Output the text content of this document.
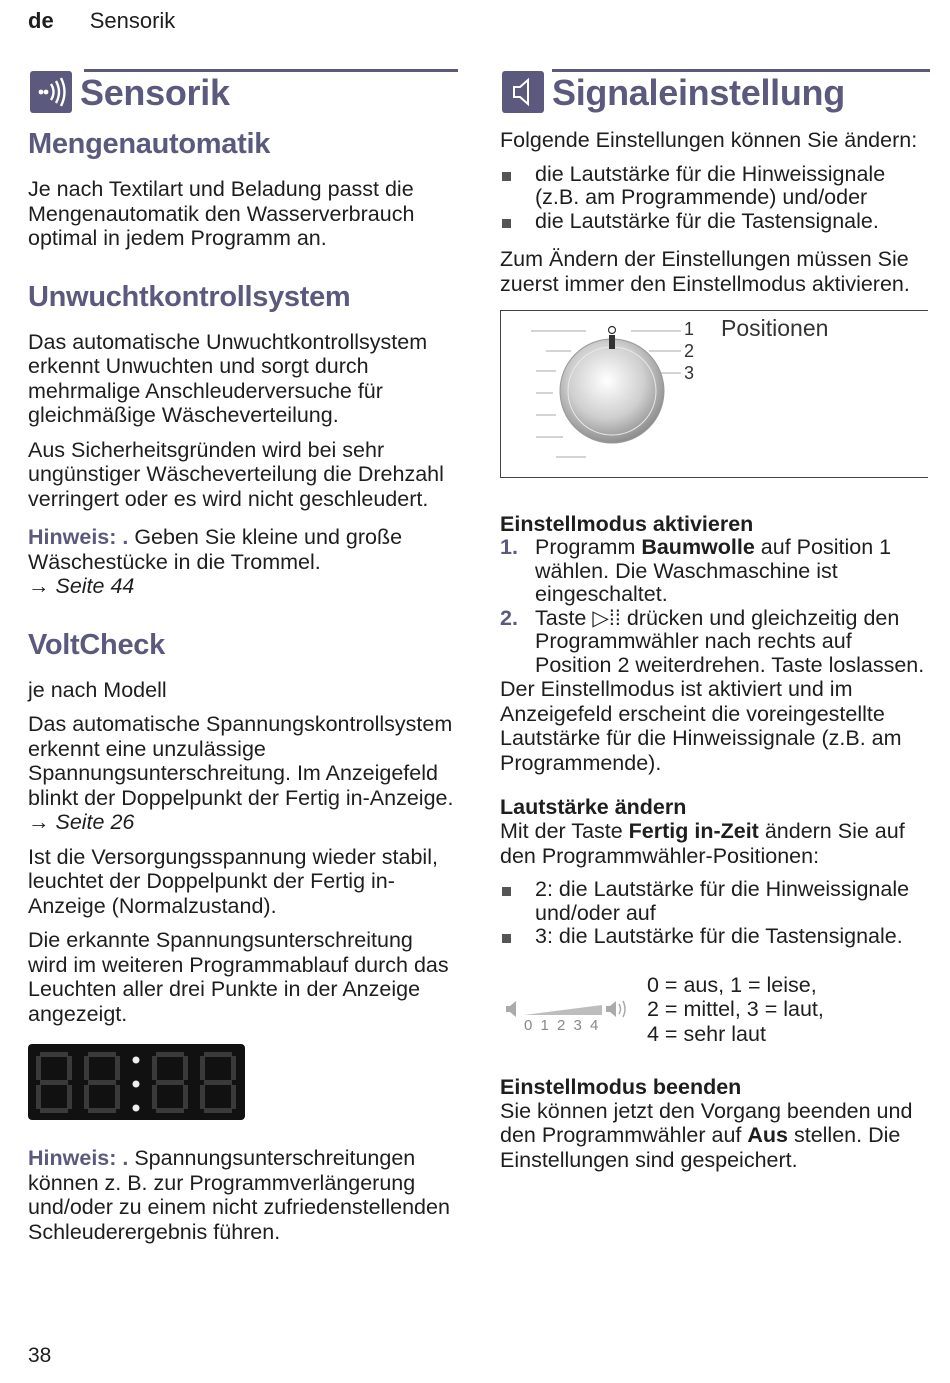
de Sensorik
Sensorik
Mengenautomatik

Je nach Textilart und Beladung passt die Mengenautomatik den Wasserverbrauch optimal in jedem Programm an.

Unwuchtkontrollsystem

Das automatische Unwuchtkontrollsystem erkennt Unwuchten und sorgt durch mehrmalige Anschleuderversuche für gleichmäßige Wäscheverteilung.

Aus Sicherheitsgründen wird bei sehr ungünstiger Wäscheverteilung die Drehzahl verringert oder es wird nicht geschleudert.

Hinweis: . Geben Sie kleine und große Wäschestücke in die Trommel.
→ Seite 44

VoltCheck

je nach Modell

Das automatische Spannungskontrollsystem erkennt eine unzulässige Spannungsunterschreitung. Im Anzeigefeld blinkt der Doppelpunkt der Fertig in-Anzeige. → Seite 26

Ist die Versorgungsspannung wieder stabil, leuchtet der Doppelpunkt der Fertig in-Anzeige (Normalzustand).

Die erkannte Spannungsunterschreitung wird im weiteren Programmablauf durch das Leuchten aller drei Punkte in der Anzeige angezeigt.

Hinweis: . Spannungsunterschreitungen können z. B. zur Programmverlängerung und/oder zu einem nicht zufriedenstellenden Schleuderergebnis führen.

Signaleinstellung

Folgende Einstellungen können Sie ändern:

die Lautstärke für die Hinweissignale (z.B. am Programmende) und/oder
die Lautstärke für die Tastensignale.

Zum Ändern der Einstellungen müssen Sie zuerst immer den Einstellmodus aktivieren.

1
2
3
Positionen
Einstellmodus aktivieren
1. Programm Baumwolle auf Position 1 wählen. Die Waschmaschine ist eingeschaltet.
2. Taste ▷⁞⁞ drücken und gleichzeitig den Programmwähler nach rechts auf Position 2 weiterdrehen. Taste loslassen.

Der Einstellmodus ist aktiviert und im Anzeigefeld erscheint die voreingestellte Lautstärke für die Hinweissignale (z.B. am Programmende).

Lautstärke ändern

Mit der Taste Fertig in-Zeit ändern Sie auf den Programmwähler-Positionen:

2: die Lautstärke für die Hinweissignale und/oder auf
3: die Lautstärke für die Tastensignale.
0 1 2 3 4

0 = aus, 1 = leise,

2 = mittel, 3 = laut,

4 = sehr laut

Einstellmodus beenden

Sie können jetzt den Vorgang beenden und den Programmwähler auf Aus stellen. Die Einstellungen sind gespeichert.

38
